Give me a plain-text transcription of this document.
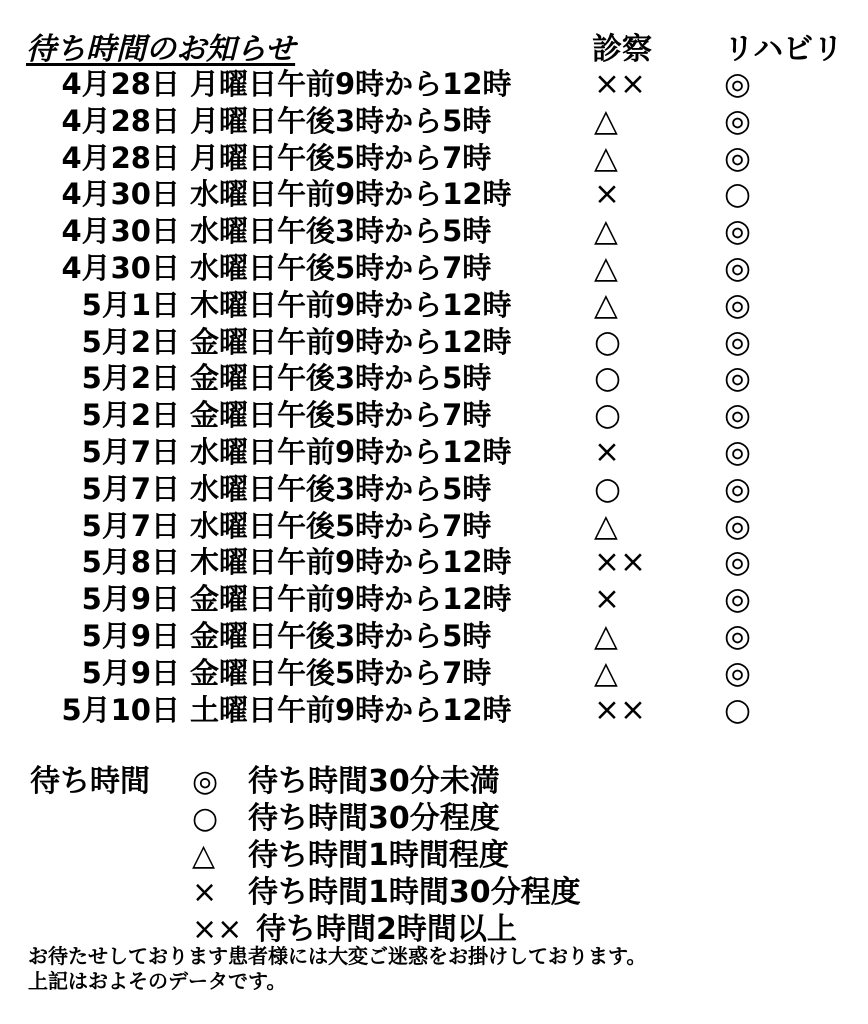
待ち時間のお知らせ	診察 リハビリ
4月28日 月曜日午前9時から12時	××	◎
4月28日 月曜日午後3時から5時	△	◎
4月28日 月曜日午後5時から7時	△	◎
4月30日 水曜日午前9時から12時	×	○
4月30日 水曜日午後3時から5時	△	◎
4月30日 水曜日午後5時から7時	△	◎
5月1日 木曜日午前9時から12時	△	◎
5月2日 金曜日午前9時から12時	○	◎
5月2日 金曜日午後3時から5時	○	◎
5月2日 金曜日午後5時から7時	○	◎
5月7日 水曜日午前9時から12時	×	◎
5月7日 水曜日午後3時から5時	○	◎
5月7日 水曜日午後5時から7時	△	◎
5月8日 木曜日午前9時から12時	××	◎
5月9日 金曜日午前9時から12時	×	◎
5月9日 金曜日午後3時から5時	△	◎
5月9日 金曜日午後5時から7時	△	◎
5月10日 土曜日午前9時から12時	××	○
待ち時間 ◎ 待ち時間30分未満
○ 待ち時間30分程度
△ 待ち時間1時間程度
× 待ち時間1時間30分程度
×× 待ち時間2時間以上
お待たせしております患者様には大変ご迷惑をお掛けしております。
上記はおよそのデータです。
